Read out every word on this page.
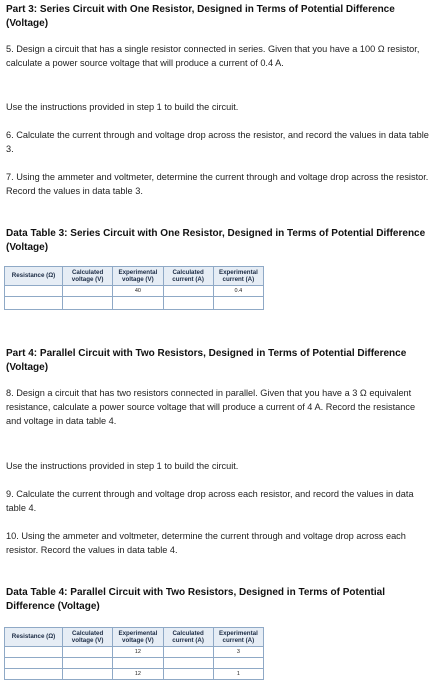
Part 3: Series Circuit with One Resistor, Designed in Terms of Potential Difference (Voltage)
5. Design a circuit that has a single resistor connected in series. Given that you have a 100 Ω resistor, calculate a power source voltage that will produce a current of 0.4 A.
Use the instructions provided in step 1 to build the circuit.
6. Calculate the current through and voltage drop across the resistor, and record the values in data table 3.
7. Using the ammeter and voltmeter, determine the current through and voltage drop across the resistor. Record the values in data table 3.
Data Table 3: Series Circuit with One Resistor, Designed in Terms of Potential Difference (Voltage)
Resistance (Ω)	Calculated voltage (V)	Experimental voltage (V)	Calculated current (A)	Experimental current (A)
		40		0.4

Part 4: Parallel Circuit with Two Resistors, Designed in Terms of Potential Difference (Voltage)
8. Design a circuit that has two resistors connected in parallel. Given that you have a 3 Ω equivalent resistance, calculate a power source voltage that will produce a current of 4 A. Record the resistance and voltage in data table 4.
Use the instructions provided in step 1 to build the circuit.
9. Calculate the current through and voltage drop across each resistor, and record the values in data table 4.
10. Using the ammeter and voltmeter, determine the current through and voltage drop across each resistor. Record the values in data table 4.
Data Table 4: Parallel Circuit with Two Resistors, Designed in Terms of Potential Difference (Voltage)
Resistance (Ω)	Calculated voltage (V)	Experimental voltage (V)	Calculated current (A)	Experimental current (A)
		12		3

		12		1
